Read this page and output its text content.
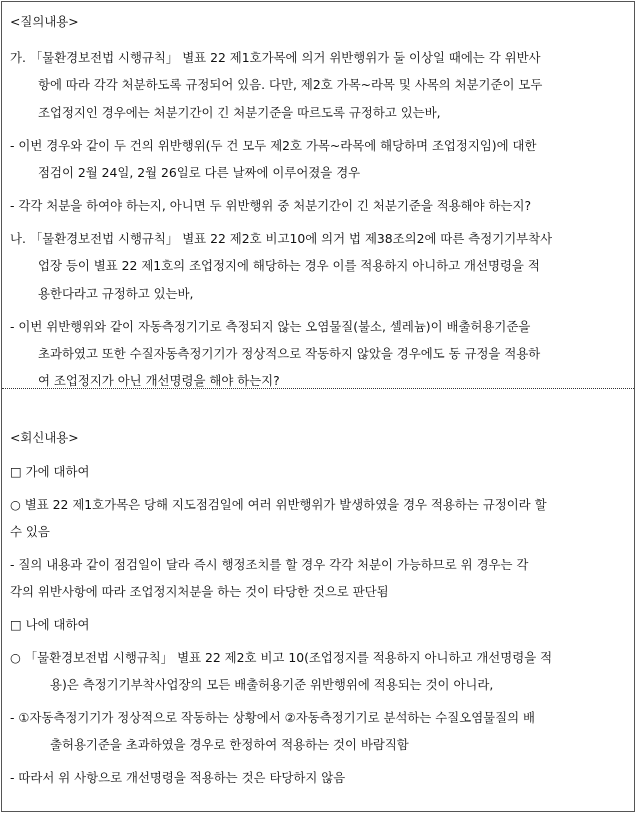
<질의내용>
가. 「물환경보전법 시행규칙」 별표 22 제1호가목에 의거 위반행위가 둘 이상일 때에는 각 위반사
항에 따라 각각 처분하도록 규정되어 있음. 다만, 제2호 가목~라목 및 사목의 처분기준이 모두
조업정지인 경우에는 처분기간이 긴 처분기준을 따르도록 규정하고 있는바,
- 이번 경우와 같이 두 건의 위반행위(두 건 모두 제2호 가목~라목에 해당하며 조업정지임)에 대한
점검이 2월 24일, 2월 26일로 다른 날짜에 이루어졌을 경우
- 각각 처분을 하여야 하는지, 아니면 두 위반행위 중 처분기간이 긴 처분기준을 적용해야 하는지?
나. 「물환경보전법 시행규칙」 별표 22 제2호 비고10에 의거 법 제38조의2에 따른 측정기기부착사
업장 등이 별표 22 제1호의 조업정지에 해당하는 경우 이를 적용하지 아니하고 개선명령을 적
용한다라고 규정하고 있는바,
- 이번 위반행위와 같이 자동측정기기로 측정되지 않는 오염물질(불소, 셀레늄)이 배출허용기준을
초과하였고 또한 수질자동측정기기가 정상적으로 작동하지 않았을 경우에도 동 규정을 적용하
여 조업정지가 아닌 개선명령을 해야 하는지?
<회신내용>
□ 가에 대하여
○ 별표 22 제1호가목은 당해 지도점검일에 여러 위반행위가 발생하였을 경우 적용하는 규정이라 할
수 있음
- 질의 내용과 같이 점검일이 달라 즉시 행정조치를 할 경우 각각 처분이 가능하므로 위 경우는 각
각의 위반사항에 따라 조업정지처분을 하는 것이 타당한 것으로 판단됨
□ 나에 대하여
○ 「물환경보전법 시행규칙」 별표 22 제2호 비고 10(조업정지를 적용하지 아니하고 개선명령을 적
용)은 측정기기부착사업장의 모든 배출허용기준 위반행위에 적용되는 것이 아니라,
- ①자동측정기기가 정상적으로 작동하는 상황에서 ②자동측정기기로 분석하는 수질오염물질의 배
출허용기준을 초과하였을 경우로 한정하여 적용하는 것이 바람직함
- 따라서 위 사항으로 개선명령을 적용하는 것은 타당하지 않음
